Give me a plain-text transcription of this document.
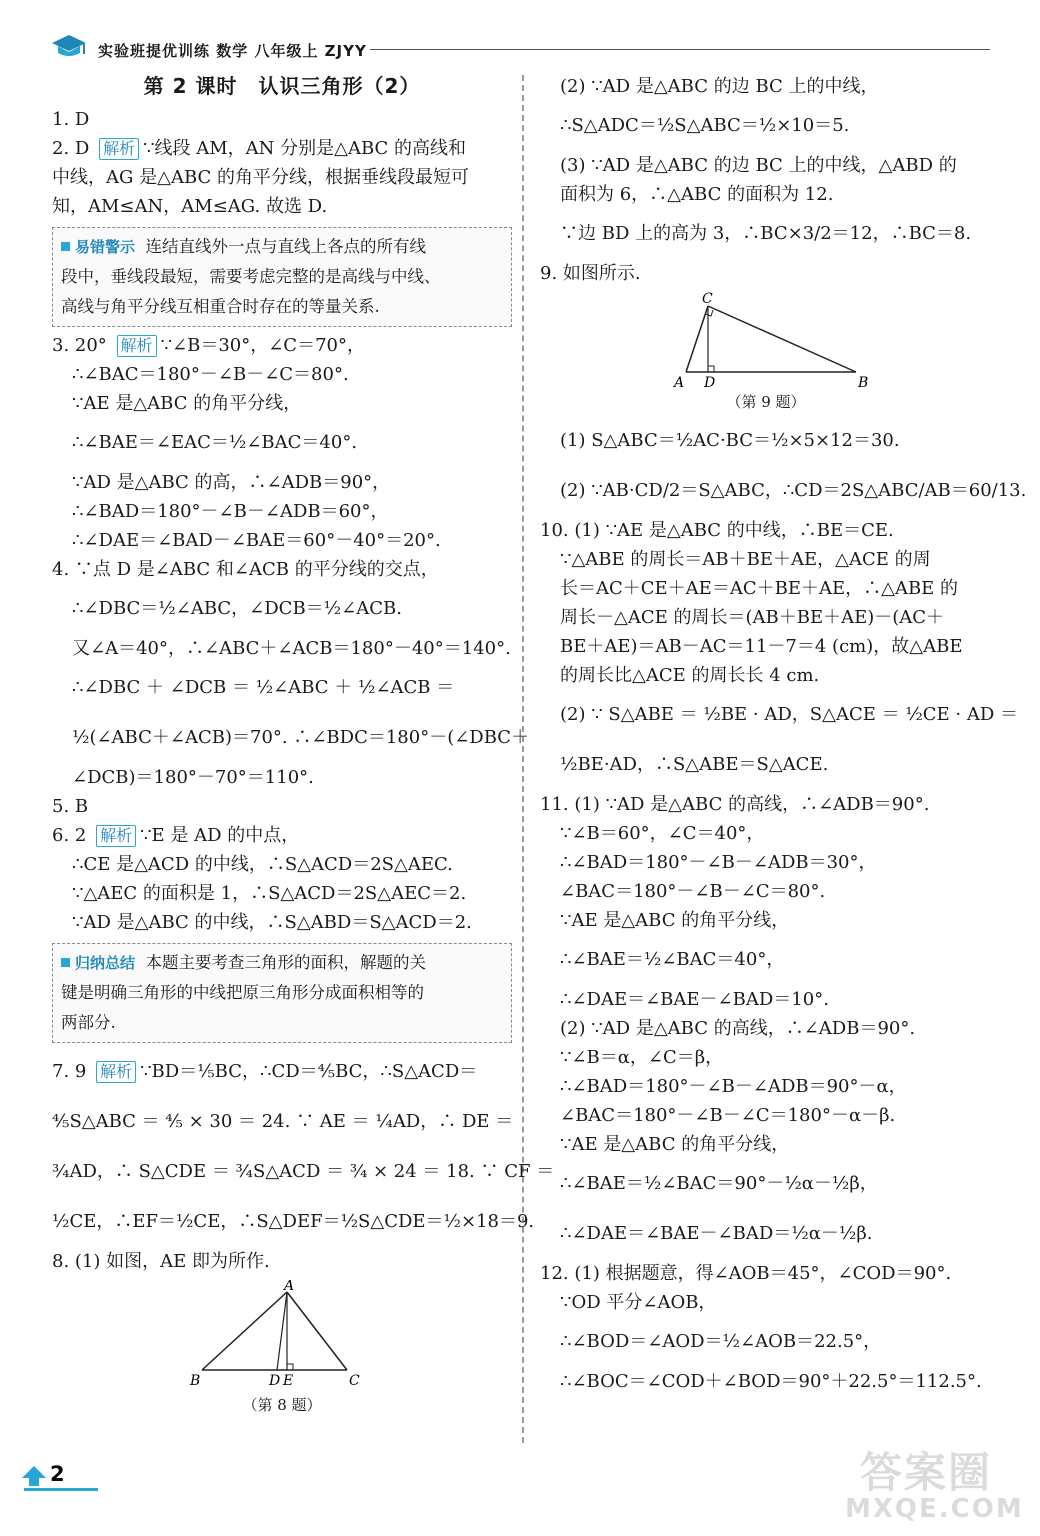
实验班提优训练 数学 八年级上 ZJYY
第 2 课时　认识三角形（2）
1. D
2. D 解析 ∵线段 AM，AN 分别是△ABC 的高线和
中线，AG 是△ABC 的角平分线，根据垂线段最短可
知，AM≤AN，AM≤AG. 故选 D.
易错警示 连结直线外一点与直线上各点的所有线
段中，垂线段最短，需要考虑完整的是高线与中线、
高线与角平分线互相重合时存在的等量关系.
3. 20° 解析 ∵∠B＝30°，∠C＝70°，
∴∠BAC＝180°－∠B－∠C＝80°.
∵AE 是△ABC 的角平分线，
∴∠BAE＝∠EAC＝½∠BAC＝40°.
∵AD 是△ABC 的高，∴∠ADB＝90°，
∴∠BAD＝180°－∠B－∠ADB＝60°，
∴∠DAE＝∠BAD－∠BAE＝60°－40°＝20°.
4. ∵点 D 是∠ABC 和∠ACB 的平分线的交点，
∴∠DBC＝½∠ABC，∠DCB＝½∠ACB.
又∠A＝40°，∴∠ABC＋∠ACB＝180°－40°＝140°.
∴∠DBC ＋ ∠DCB ＝ ½∠ABC ＋ ½∠ACB ＝
½(∠ABC＋∠ACB)＝70°. ∴∠BDC＝180°－(∠DBC＋
∠DCB)＝180°－70°＝110°.
5. B
6. 2 解析 ∵E 是 AD 的中点，
∴CE 是△ACD 的中线，∴S△ACD＝2S△AEC.
∵△AEC 的面积是 1，∴S△ACD＝2S△AEC＝2.
∵AD 是△ABC 的中线，∴S△ABD＝S△ACD＝2.
归纳总结 本题主要考查三角形的面积，解题的关
键是明确三角形的中线把原三角形分成面积相等的
两部分.
7. 9 解析 ∵BD＝⅕BC，∴CD＝⅘BC，∴S△ACD＝
⅘S△ABC ＝ ⅘ × 30 ＝ 24. ∵ AE ＝ ¼AD，∴ DE ＝
¾AD，∴ S△CDE ＝ ¾S△ACD ＝ ¾ × 24 ＝ 18. ∵ CF ＝
½CE，∴EF＝½CE，∴S△DEF＝½S△CDE＝½×18＝9.
8. (1) 如图，AE 即为所作.
A
B	D E	C
（第 8 题）
(2) ∵AD 是△ABC 的边 BC 上的中线，
∴S△ADC＝½S△ABC＝½×10＝5.
(3) ∵AD 是△ABC 的边 BC 上的中线，△ABD 的
面积为 6，∴△ABC 的面积为 12.
∵边 BD 上的高为 3，∴BC×3/2＝12，∴BC＝8.
9. 如图所示.
C
A D	B
（第 9 题）
(1) S△ABC＝½AC·BC＝½×5×12＝30.
(2) ∵AB·CD/2＝S△ABC，∴CD＝2S△ABC/AB＝60/13.
10. (1) ∵AE 是△ABC 的中线，∴BE＝CE.
∵△ABE 的周长＝AB＋BE＋AE，△ACE 的周
长＝AC＋CE＋AE＝AC＋BE＋AE，∴△ABE 的
周长－△ACE 的周长＝(AB＋BE＋AE)－(AC＋
BE＋AE)＝AB－AC＝11－7＝4 (cm)，故△ABE
的周长比△ACE 的周长长 4 cm.
(2) ∵ S△ABE ＝ ½BE · AD，S△ACE ＝ ½CE · AD ＝
½BE·AD，∴S△ABE＝S△ACE.
11. (1) ∵AD 是△ABC 的高线，∴∠ADB＝90°.
∵∠B＝60°，∠C＝40°，
∴∠BAD＝180°－∠B－∠ADB＝30°，
∠BAC＝180°－∠B－∠C＝80°.
∵AE 是△ABC 的角平分线，
∴∠BAE＝½∠BAC＝40°，
∴∠DAE＝∠BAE－∠BAD＝10°.
(2) ∵AD 是△ABC 的高线，∴∠ADB＝90°.
∵∠B＝α，∠C＝β，
∴∠BAD＝180°－∠B－∠ADB＝90°－α，
∠BAC＝180°－∠B－∠C＝180°－α－β.
∵AE 是△ABC 的角平分线，
∴∠BAE＝½∠BAC＝90°－½α－½β，
∴∠DAE＝∠BAE－∠BAD＝½α－½β.
12. (1) 根据题意，得∠AOB＝45°，∠COD＝90°.
∵OD 平分∠AOB，
∴∠BOD＝∠AOD＝½∠AOB＝22.5°，
∴∠BOC＝∠COD＋∠BOD＝90°＋22.5°＝112.5°.
2	答案圈
MXQE.COM
